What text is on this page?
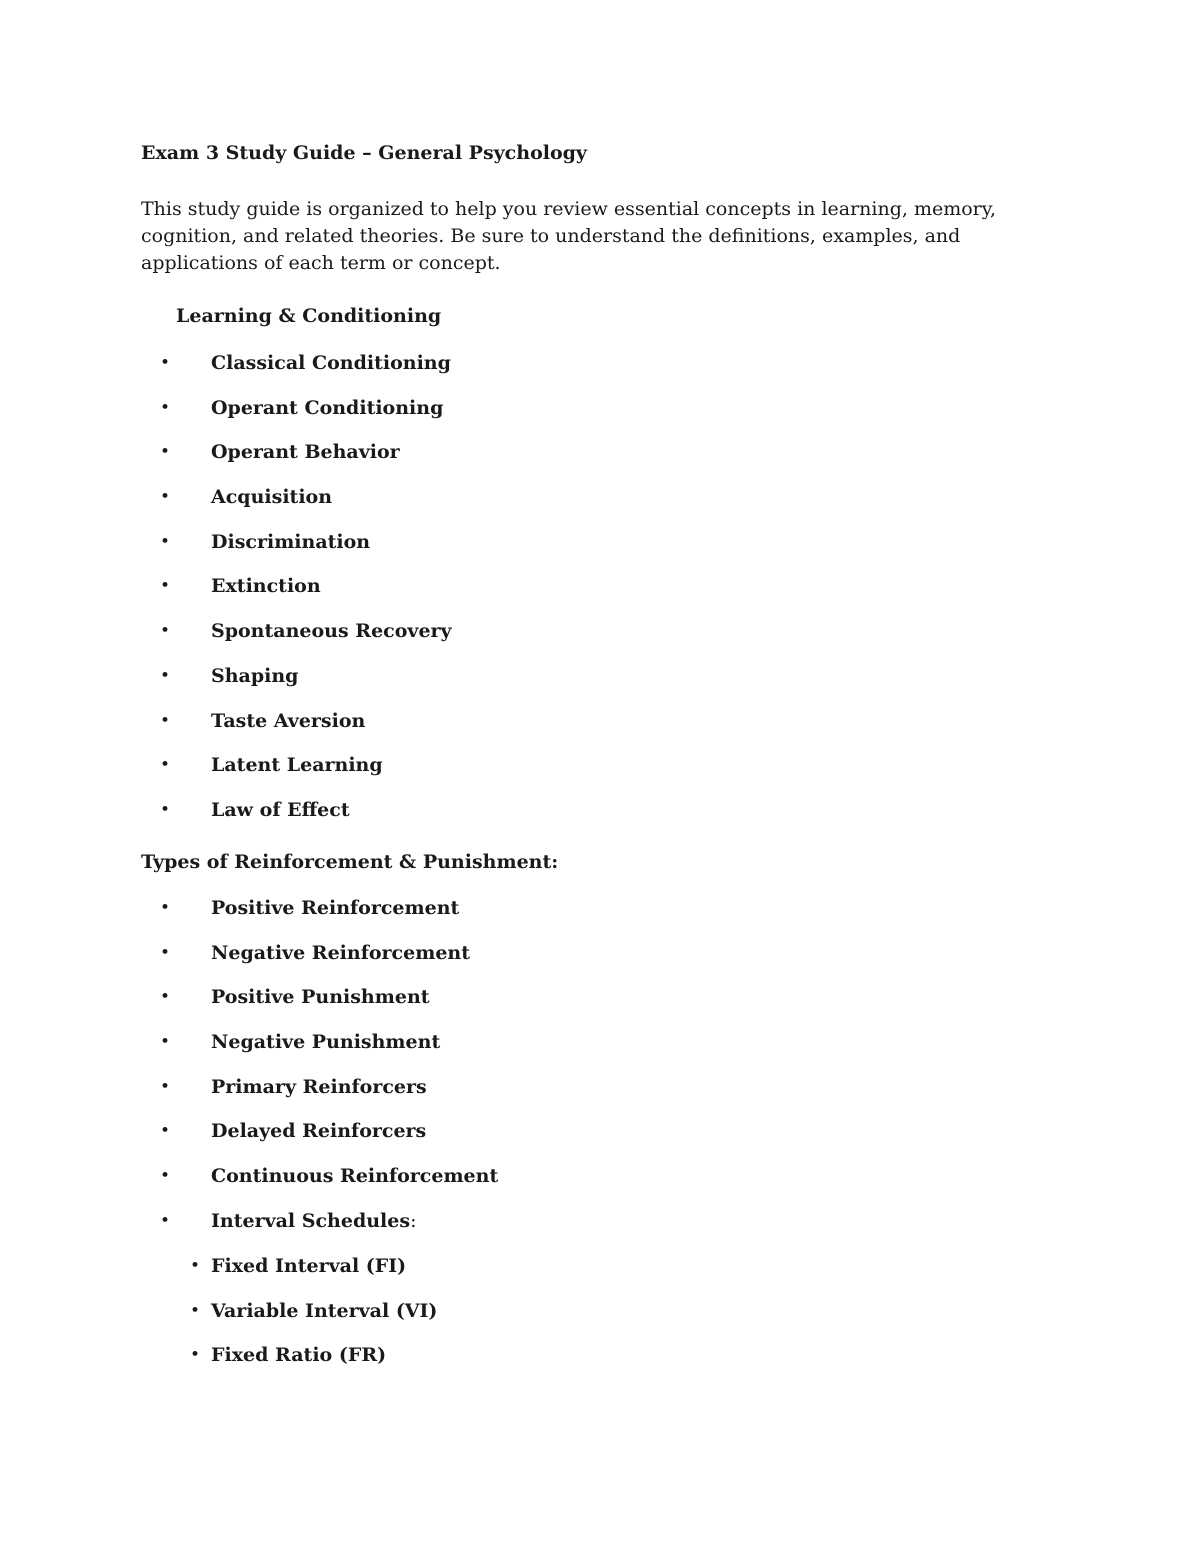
Exam 3 Study Guide – General Psychology
This study guide is organized to help you review essential concepts in learning, memory, cognition, and related theories. Be sure to understand the definitions, examples, and applications of each term or concept.
Learning & Conditioning
• Classical Conditioning
• Operant Conditioning
• Operant Behavior
• Acquisition
• Discrimination
• Extinction
• Spontaneous Recovery
• Shaping
• Taste Aversion
• Latent Learning
• Law of Effect
Types of Reinforcement & Punishment:
• Positive Reinforcement
• Negative Reinforcement
• Positive Punishment
• Negative Punishment
• Primary Reinforcers
• Delayed Reinforcers
• Continuous Reinforcement
• Interval Schedules:
• Fixed Interval (FI)
• Variable Interval (VI)
• Fixed Ratio (FR)
